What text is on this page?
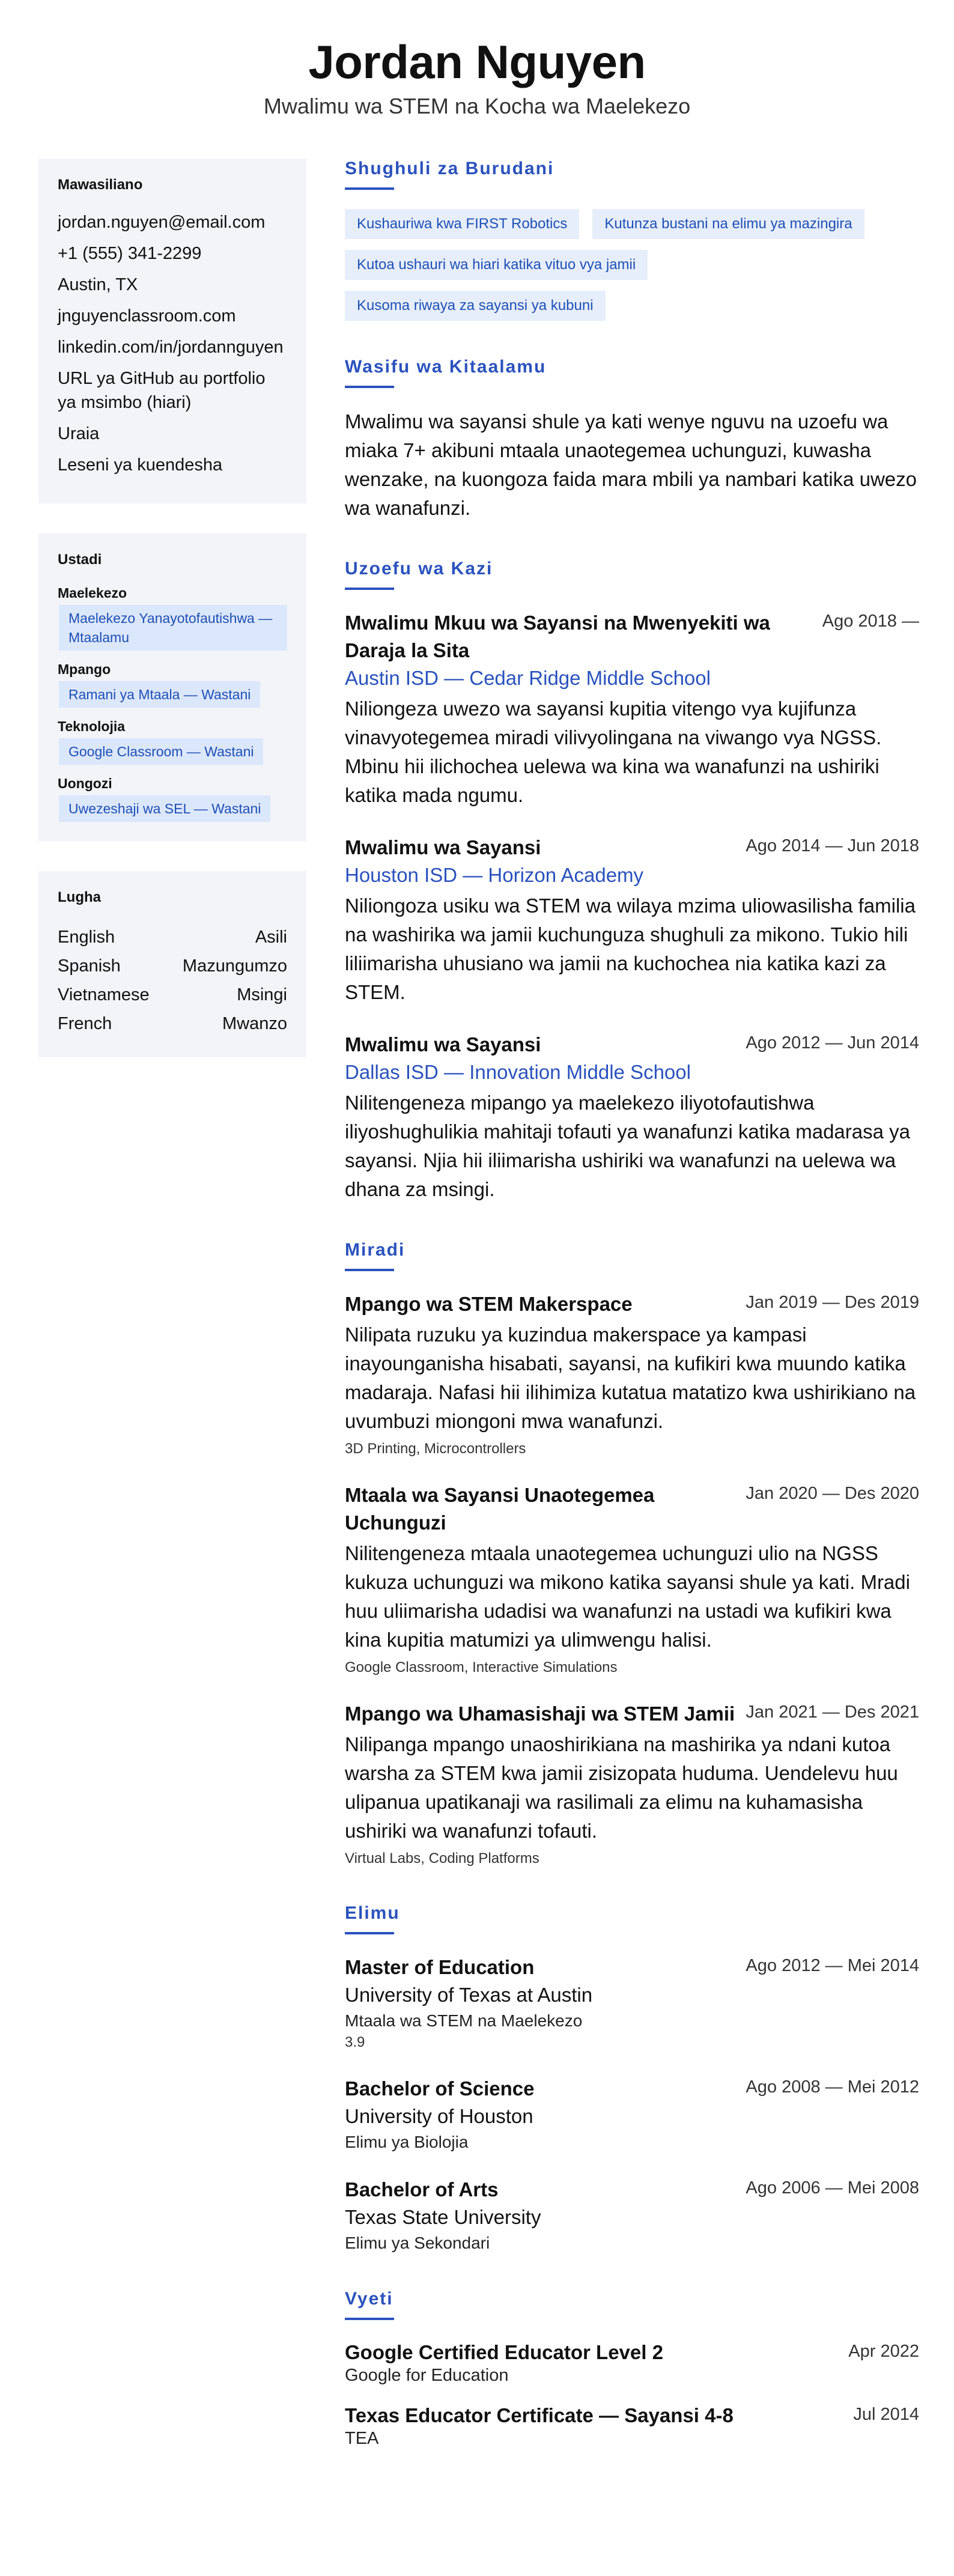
Jordan Nguyen
Mwalimu wa STEM na Kocha wa Maelekezo
Mawasiliano
jordan.nguyen@email.com
+1 (555) 341-2299
Austin, TX
jnguyenclassroom.com
linkedin.com/in/jordannguyen
URL ya GitHub au portfolio ya msimbo (hiari)
Uraia
Leseni ya kuendesha
Ustadi
Maelekezo
Maelekezo Yanayotofautishwa — Mtaalamu
Mpango
Ramani ya Mtaala — Wastani
Teknolojia
Google Classroom — Wastani
Uongozi
Uwezeshaji wa SEL — Wastani
Lugha
English	Asili
Spanish	Mazungumzo
Vietnamese	Msingi
French	Mwanzo
Shughuli za Burudani
Kushauriwa kwa FIRST Robotics	Kutunza bustani na elimu ya mazingira
Kutoa ushauri wa hiari katika vituo vya jamii
Kusoma riwaya za sayansi ya kubuni
Wasifu wa Kitaalamu
Mwalimu wa sayansi shule ya kati wenye nguvu na uzoefu wa miaka 7+ akibuni mtaala unaotegemea uchunguzi, kuwasha wenzake, na kuongoza faida mara mbili ya nambari katika uwezo wa wanafunzi.
Uzoefu wa Kazi
Mwalimu Mkuu wa Sayansi na Mwenyekiti wa Daraja la Sita
Ago 2018 —
Austin ISD — Cedar Ridge Middle School
Niliongeza uwezo wa sayansi kupitia vitengo vya kujifunza vinavyotegemea miradi vilivyolingana na viwango vya NGSS. Mbinu hii ilichochea uelewa wa kina wa wanafunzi na ushiriki katika mada ngumu.
Mwalimu wa Sayansi	Ago 2014 — Jun 2018
Houston ISD — Horizon Academy
Niliongoza usiku wa STEM wa wilaya mzima uliowasilisha familia na washirika wa jamii kuchunguza shughuli za mikono. Tukio hili liliimarisha uhusiano wa jamii na kuchochea nia katika kazi za STEM.
Mwalimu wa Sayansi	Ago 2012 — Jun 2014
Dallas ISD — Innovation Middle School
Nilitengeneza mipango ya maelekezo iliyotofautishwa iliyoshughulikia mahitaji tofauti ya wanafunzi katika madarasa ya sayansi. Njia hii iliimarisha ushiriki wa wanafunzi na uelewa wa dhana za msingi.
Miradi
Mpango wa STEM Makerspace	Jan 2019 — Des 2019
Nilipata ruzuku ya kuzindua makerspace ya kampasi inayounganisha hisabati, sayansi, na kufikiri kwa muundo katika madaraja. Nafasi hii ilihimiza kutatua matatizo kwa ushirikiano na uvumbuzi miongoni mwa wanafunzi.
3D Printing, Microcontrollers
Mtaala wa Sayansi Unaotegemea Uchunguzi
Jan 2020 — Des 2020
Nilitengeneza mtaala unaotegemea uchunguzi ulio na NGSS kukuza uchunguzi wa mikono katika sayansi shule ya kati. Mradi huu uliimarisha udadisi wa wanafunzi na ustadi wa kufikiri kwa kina kupitia matumizi ya ulimwengu halisi.
Google Classroom, Interactive Simulations
Mpango wa Uhamasishaji wa STEM Jamii Jan 2021 — Des 2021
Nilipanga mpango unaoshirikiana na mashirika ya ndani kutoa warsha za STEM kwa jamii zisizopata huduma. Uendelevu huu ulipanua upatikanaji wa rasilimali za elimu na kuhamasisha ushiriki wa wanafunzi tofauti.
Virtual Labs, Coding Platforms
Elimu
Master of Education	Ago 2012 — Mei 2014
University of Texas at Austin
Mtaala wa STEM na Maelekezo
3.9
Bachelor of Science	Ago 2008 — Mei 2012
University of Houston
Elimu ya Biolojia
Bachelor of Arts	Ago 2006 — Mei 2008
Texas State University
Elimu ya Sekondari
Vyeti
Google Certified Educator Level 2	Apr 2022
Google for Education
Texas Educator Certificate — Sayansi 4-8	Jul 2014
TEA
